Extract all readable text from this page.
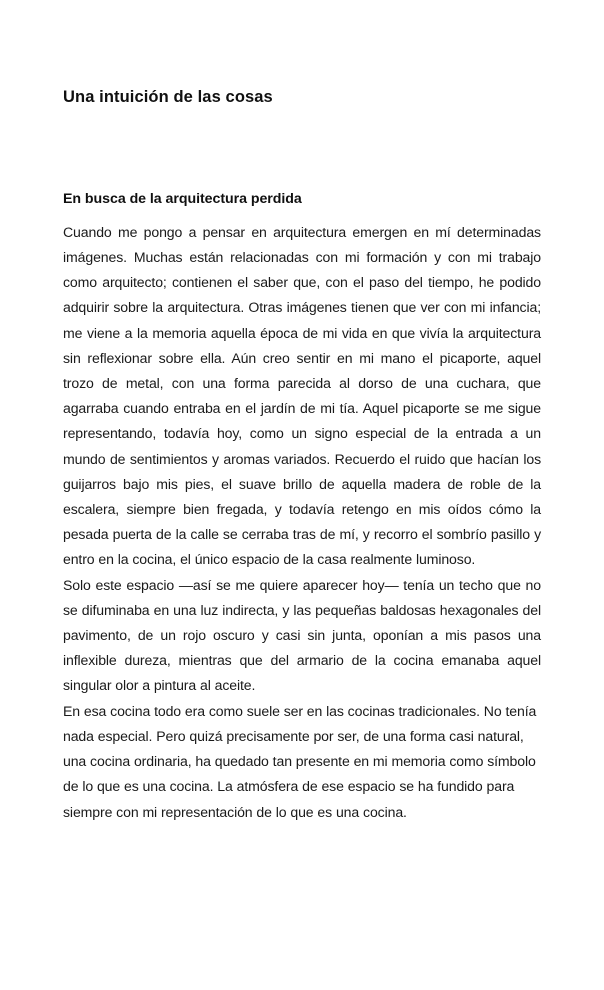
Una intuición de las cosas
En busca de la arquitectura perdida

Cuando me pongo a pensar en arquitectura emergen en mí determinadas imágenes. Muchas están relacionadas con mi formación y con mi trabajo como arquitecto; contienen el saber que, con el paso del tiempo, he podido adquirir sobre la arquitectura. Otras imágenes tienen que ver con mi infancia; me viene a la memoria aquella época de mi vida en que vivía la arquitectura sin reflexionar sobre ella. Aún creo sentir en mi mano el picaporte, aquel trozo de metal, con una forma parecida al dorso de una cuchara, que agarraba cuando entraba en el jardín de mi tía. Aquel picaporte se me sigue representando, todavía hoy, como un signo especial de la entrada a un mundo de sentimientos y aromas variados. Recuerdo el ruido que hacían los guijarros bajo mis pies, el suave brillo de aquella madera de roble de la escalera, siempre bien fregada, y todavía retengo en mis oídos cómo la pesada puerta de la calle se cerraba tras de mí, y recorro el sombrío pasillo y entro en la cocina, el único espacio de la casa realmente luminoso.

Solo este espacio —así se me quiere aparecer hoy— tenía un techo que no se difuminaba en una luz indirecta, y las pequeñas baldosas hexagonales del pavimento, de un rojo oscuro y casi sin junta, oponían a mis pasos una inflexible dureza, mientras que del armario de la cocina emanaba aquel singular olor a pintura al aceite.

En esa cocina todo era como suele ser en las cocinas tradicionales. No tenía nada especial. Pero quizá precisamente por ser, de una forma casi natural, una cocina ordinaria, ha quedado tan presente en mi memoria como símbolo de lo que es una cocina. La atmósfera de ese espacio se ha fundido para siempre con mi representación de lo que es una cocina.
